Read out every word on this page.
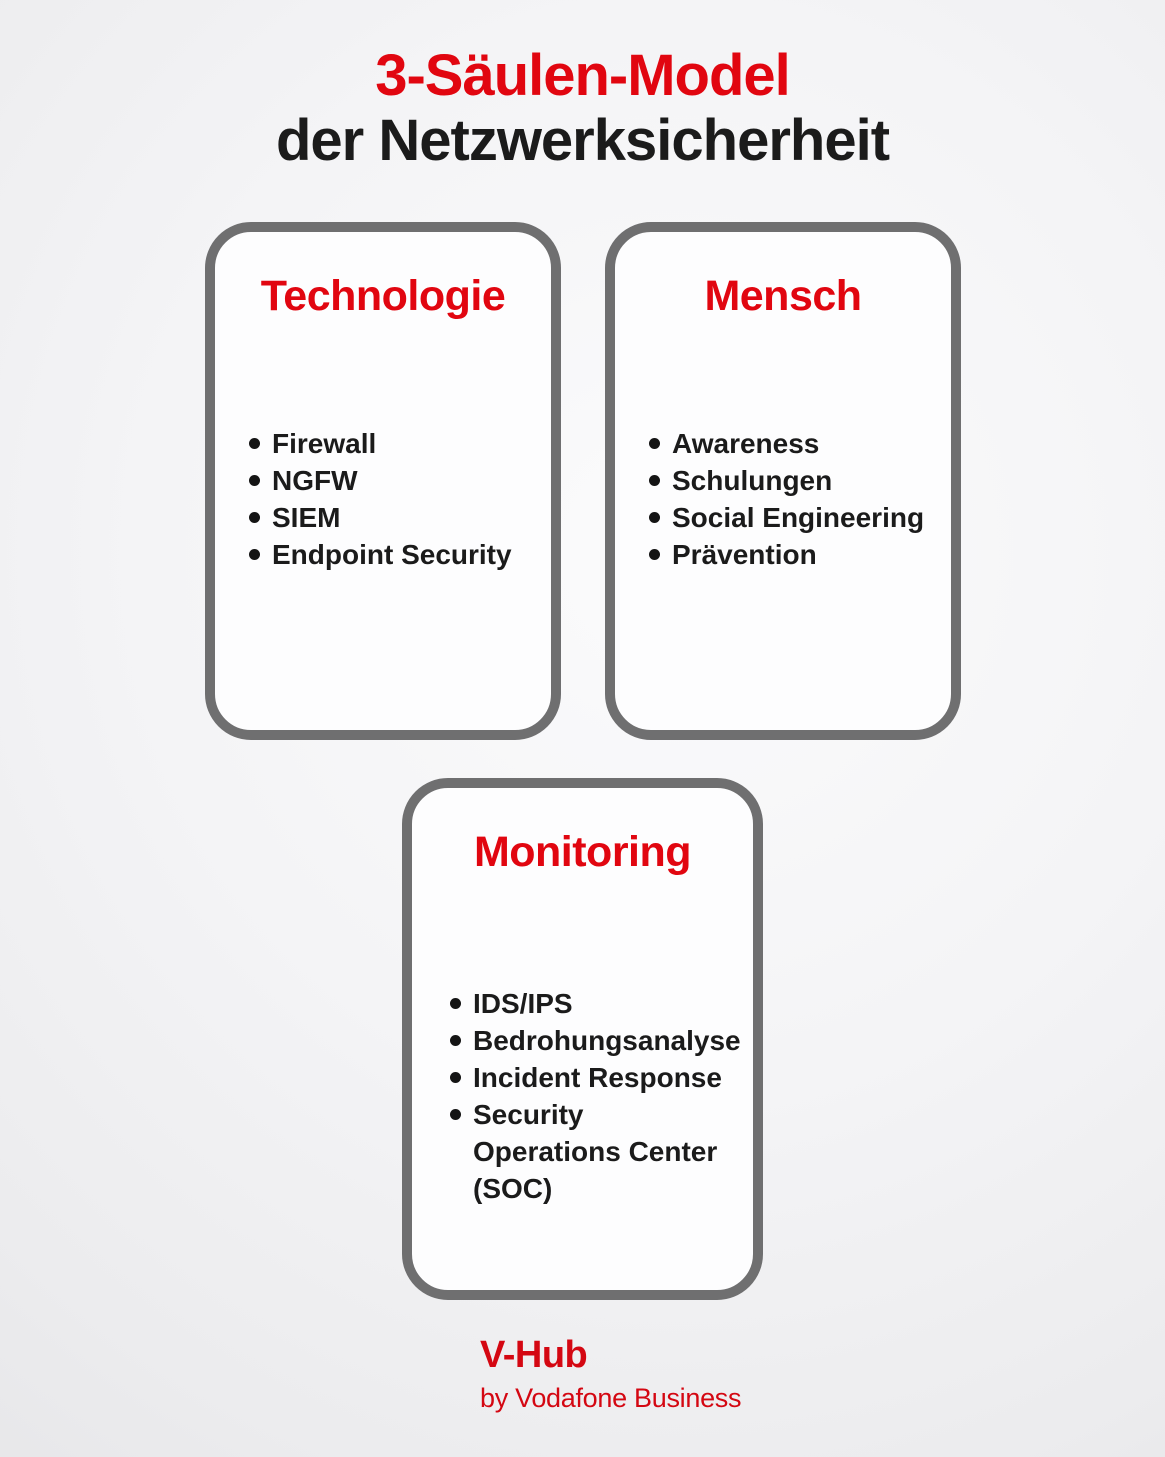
3-Säulen-Model
der Netzwerksicherheit
Technologie
Firewall
NGFW
SIEM
Endpoint Security
Mensch
Awareness
Schulungen
Social Engineering
Prävention
Monitoring
IDS/IPS
Bedrohungsanalyse
Incident Response
Security Operations Center (SOC)
V-Hub
by Vodafone Business
